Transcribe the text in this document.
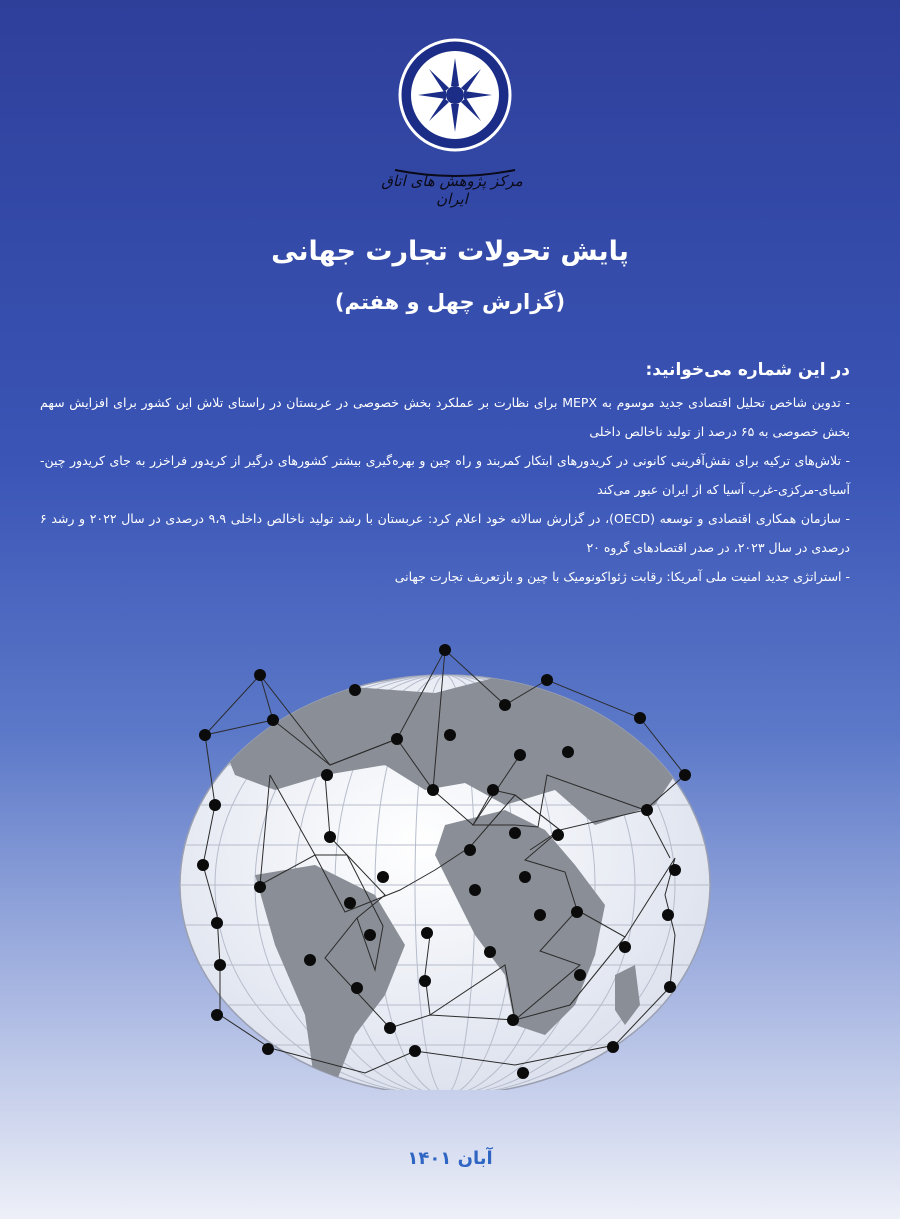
مرکز پژوهش های اتاق ایران
پایش تحولات تجارت جهانی
(گزارش چهل و هفتم)
در این شماره می‌خوانید:
- تدوین شاخص تحلیل اقتصادی جدید موسوم به MEPX برای نظارت بر عملکرد بخش خصوصی در عربستان در راستای تلاش این کشور برای افزایش سهم بخش خصوصی به ۶۵ درصد از تولید ناخالص داخلی
- تلاش‌های ترکیه برای نقش‌آفرینی کانونی در کریدورهای ابتکار کمربند و راه چین و بهره‌گیری بیشتر کشورهای درگیر از کریدور فراخزر به جای کریدور چین-آسیای-مرکزی-غرب آسیا که از ایران عبور می‌کند
- سازمان همکاری اقتصادی و توسعه (OECD)، در گزارش سالانه خود اعلام کرد: عربستان با رشد تولید ناخالص داخلی ۹،۹ درصدی در سال ۲۰۲۲ و رشد ۶ درصدی در سال ۲۰۲۳، در صدر اقتصادهای گروه ۲۰
- استراتژی جدید امنیت ملی آمریکا: رقابت ژئواکونومیک با چین و بازتعریف تجارت جهانی
آبان ۱۴۰۱
